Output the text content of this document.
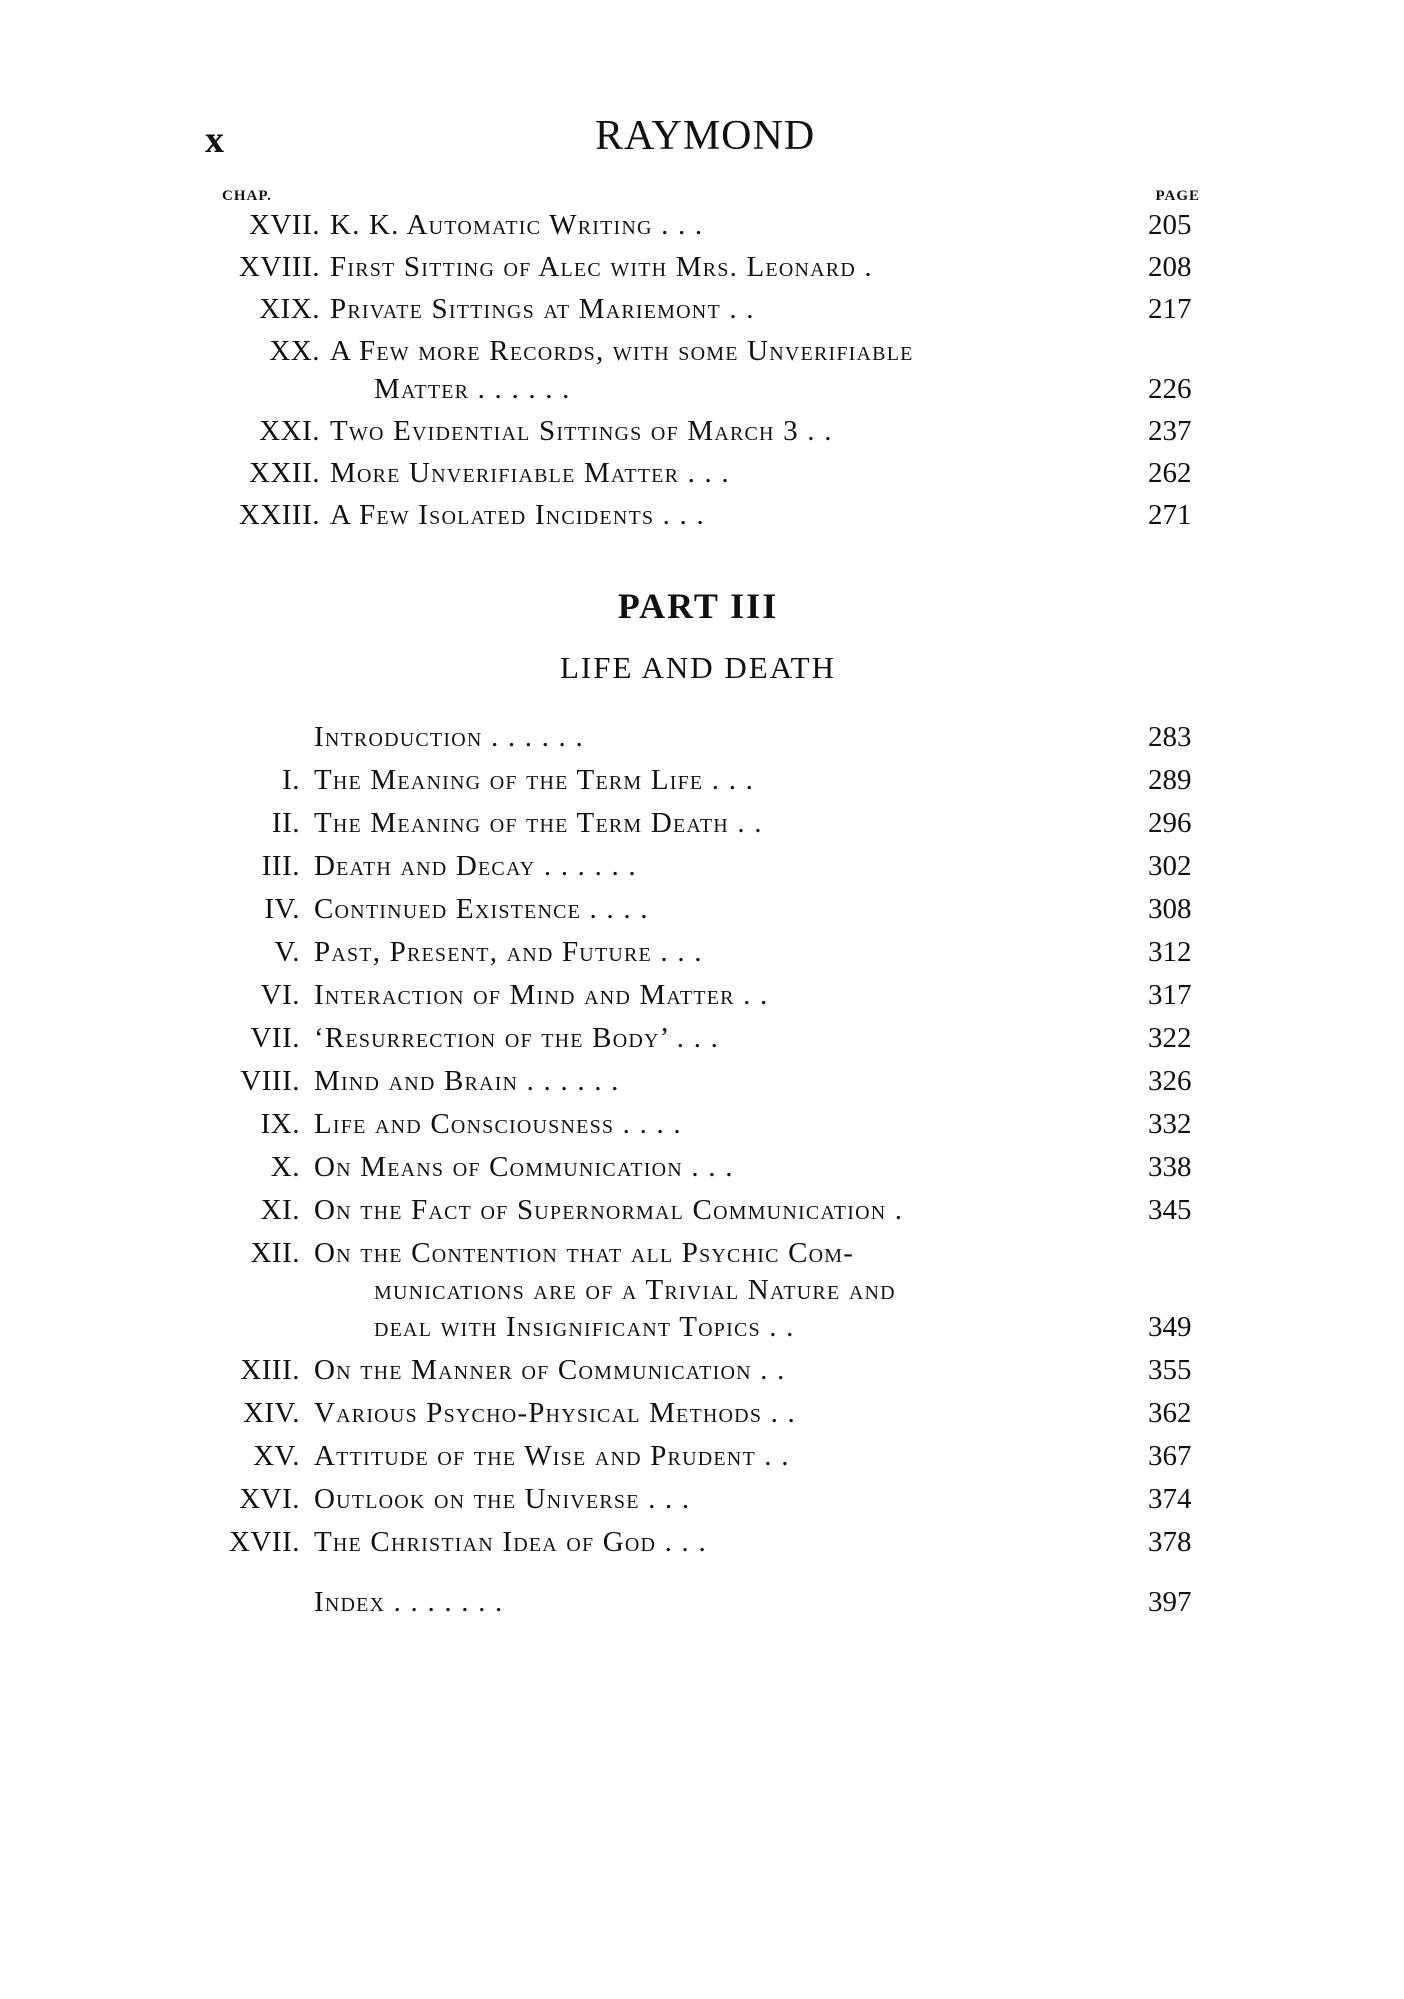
x	RAYMOND
CHAP.	PAGE
XVII. K. K. Automatic Writing . . .	205
XVIII. First Sitting of Alec with Mrs. Leonard .	208
XIX. Private Sittings at Mariemont . .	217
XX. A Few more Records, with some Unverifiable
Matter . . . . . .	226
XXI. Two Evidential Sittings of March 3 . .	237
XXII. More Unverifiable Matter . . .	262
XXIII. A Few Isolated Incidents . . .	271
PART III
LIFE AND DEATH
Introduction . . . . . .	283
I. The Meaning of the Term Life . . .	289
II. The Meaning of the Term Death . .	296
III. Death and Decay . . . . . .	302
IV. Continued Existence . . . .	308
V. Past, Present, and Future . . .	312
VI. Interaction of Mind and Matter . .	317
VII. ‘Resurrection of the Body’ . . .	322
VIII. Mind and Brain . . . . . .	326
IX. Life and Consciousness . . . .	332
X. On Means of Communication . . .	338
XI. On the Fact of Supernormal Communication .	345
XII. On the Contention that all Psychic Com-
munications are of a Trivial Nature and
deal with Insignificant Topics . .	349
XIII. On the Manner of Communication . .	355
XIV. Various Psycho-Physical Methods . .	362
XV. Attitude of the Wise and Prudent . .	367
XVI. Outlook on the Universe . . .	374
XVII. The Christian Idea of God . . .	378
Index . . . . . . .	397
